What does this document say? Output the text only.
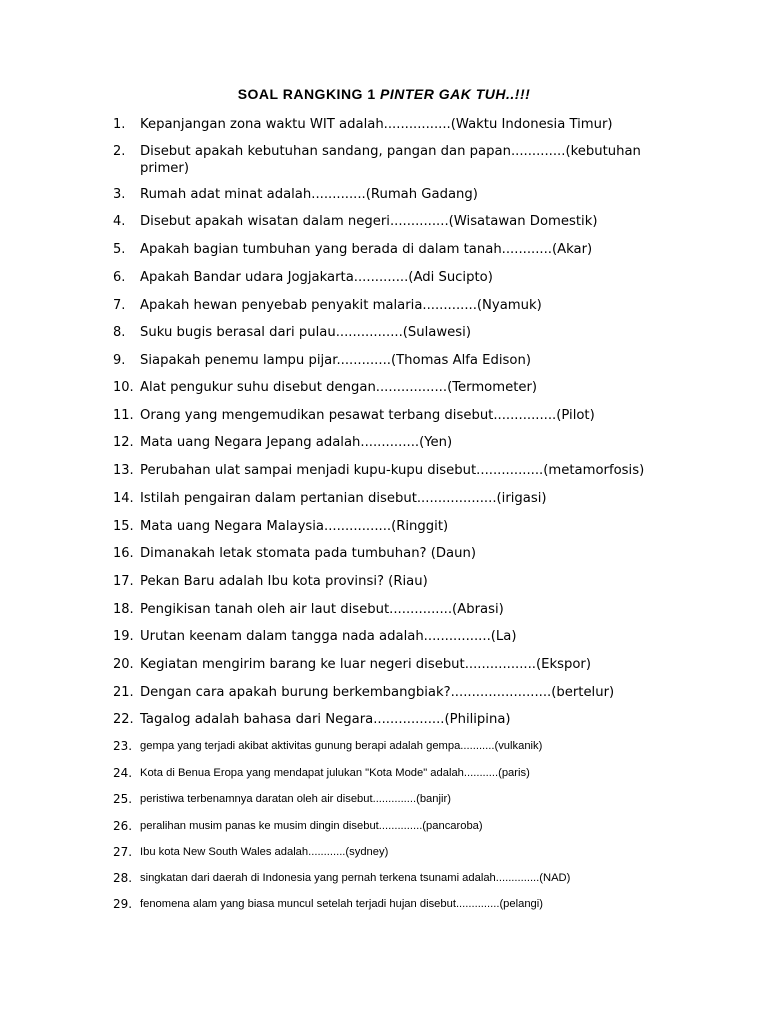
SOAL RANGKING 1 PINTER GAK TUH..!!!
1.	Kepanjangan zona waktu WIT adalah................(Waktu Indonesia Timur)
2.	Disebut apakah kebutuhan sandang, pangan dan papan.............(kebutuhan primer)
3.	Rumah adat minat adalah.............(Rumah Gadang)
4.	Disebut apakah wisatan dalam negeri..............(Wisatawan Domestik)
5.	Apakah bagian tumbuhan yang berada di dalam tanah............(Akar)
6.	Apakah Bandar udara Jogjakarta.............(Adi Sucipto)
7.	Apakah hewan penyebab penyakit malaria.............(Nyamuk)
8.	Suku bugis berasal dari pulau................(Sulawesi)
9.	Siapakah penemu lampu pijar.............(Thomas Alfa Edison)
10. Alat pengukur suhu disebut dengan.................(Termometer)
11. Orang yang mengemudikan pesawat terbang disebut...............(Pilot)
12. Mata uang Negara Jepang adalah..............(Yen)
13. Perubahan ulat sampai menjadi kupu-kupu disebut................(metamorfosis)
14. Istilah pengairan dalam pertanian disebut...................(irigasi)
15. Mata uang Negara Malaysia................(Ringgit)
16. Dimanakah letak stomata pada tumbuhan? (Daun)
17. Pekan Baru adalah Ibu kota provinsi? (Riau)
18. Pengikisan tanah oleh air laut disebut...............(Abrasi)
19. Urutan keenam dalam tangga nada adalah................(La)
20. Kegiatan mengirim barang ke luar negeri disebut.................(Ekspor)
21. Dengan cara apakah burung berkembangbiak?........................(bertelur)
22. Tagalog adalah bahasa dari Negara.................(Philipina)
23. gempa yang terjadi akibat aktivitas gunung berapi adalah gempa...........(vulkanik)
24. Kota di Benua Eropa yang mendapat julukan "Kota Mode" adalah...........(paris)
25. peristiwa terbenamnya daratan oleh air disebut..............(banjir)
26. peralihan musim panas ke musim dingin disebut..............(pancaroba)
27. Ibu kota New South Wales adalah............(sydney)
28. singkatan dari daerah di Indonesia yang pernah terkena tsunami adalah..............(NAD)
29. fenomena alam yang biasa muncul setelah terjadi hujan disebut..............(pelangi)
